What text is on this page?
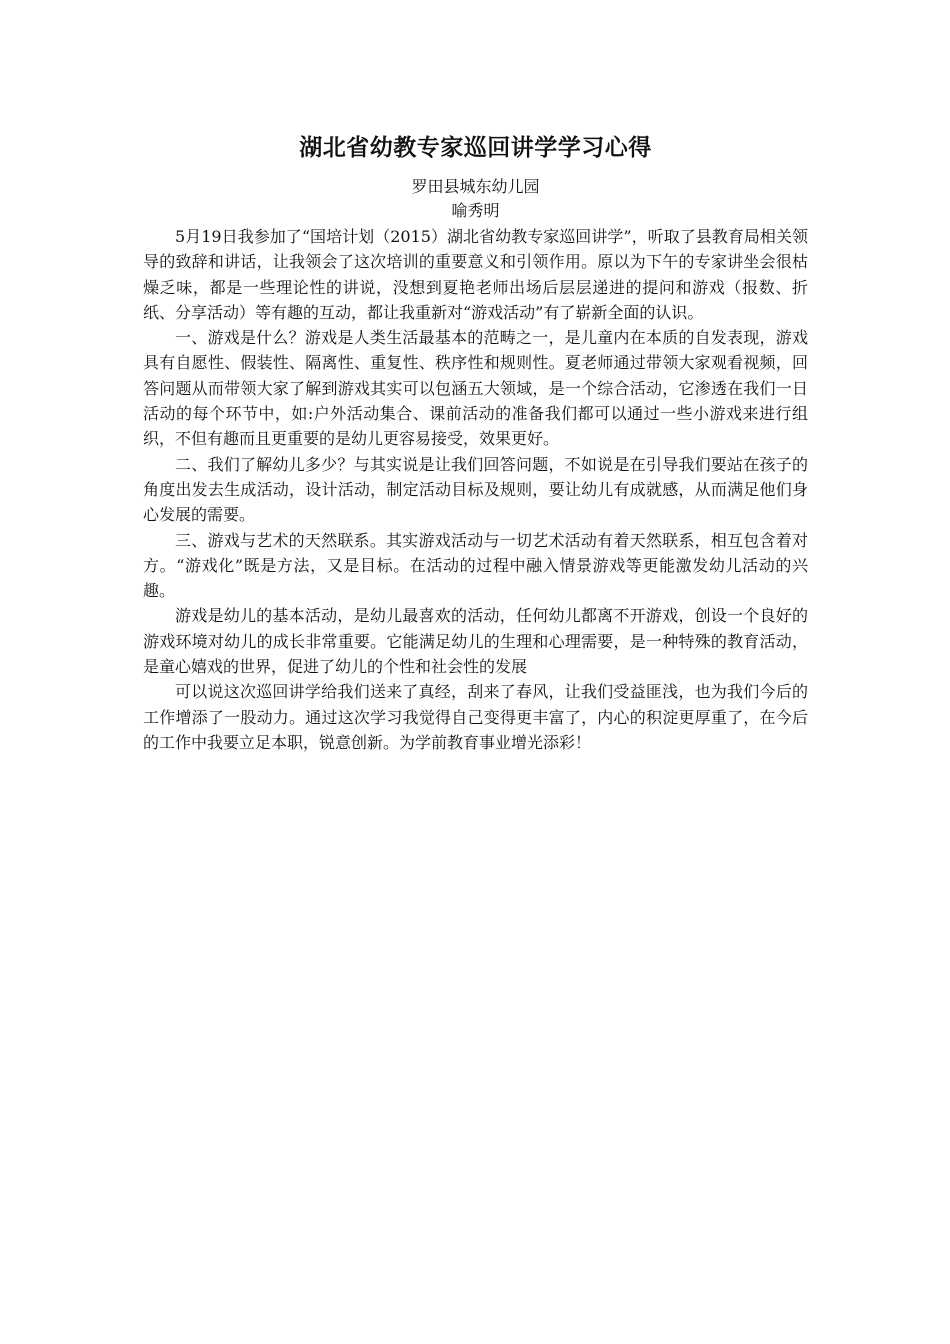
湖北省幼教专家巡回讲学学习心得
罗田县城东幼儿园
喻秀明

5月19日我参加了“国培计划（2015）湖北省幼教专家巡回讲学”，听取了县教育局相关领导的致辞和讲话，让我领会了这次培训的重要意义和引领作用。原以为下午的专家讲坐会很枯燥乏味，都是一些理论性的讲说，没想到夏艳老师出场后层层递进的提问和游戏（报数、折纸、分享活动）等有趣的互动，都让我重新对“游戏活动”有了崭新全面的认识。

一、游戏是什么？游戏是人类生活最基本的范畴之一，是儿童内在本质的自发表现，游戏具有自愿性、假装性、隔离性、重复性、秩序性和规则性。夏老师通过带领大家观看视频，回答问题从而带领大家了解到游戏其实可以包涵五大领域，是一个综合活动，它渗透在我们一日活动的每个环节中，如:户外活动集合、课前活动的准备我们都可以通过一些小游戏来进行组织，不但有趣而且更重要的是幼儿更容易接受，效果更好。

二、我们了解幼儿多少？与其实说是让我们回答问题，不如说是在引导我们要站在孩子的角度出发去生成活动，设计活动，制定活动目标及规则，要让幼儿有成就感，从而满足他们身心发展的需要。

三、游戏与艺术的天然联系。其实游戏活动与一切艺术活动有着天然联系，相互包含着对方。“游戏化”既是方法，又是目标。在活动的过程中融入情景游戏等更能激发幼儿活动的兴趣。

游戏是幼儿的基本活动，是幼儿最喜欢的活动，任何幼儿都离不开游戏，创设一个良好的游戏环境对幼儿的成长非常重要。它能满足幼儿的生理和心理需要，是一种特殊的教育活动，是童心嬉戏的世界，促进了幼儿的个性和社会性的发展

可以说这次巡回讲学给我们送来了真经，刮来了春风，让我们受益匪浅，也为我们今后的工作增添了一股动力。通过这次学习我觉得自己变得更丰富了，内心的积淀更厚重了，在今后的工作中我要立足本职，锐意创新。为学前教育事业增光添彩！
